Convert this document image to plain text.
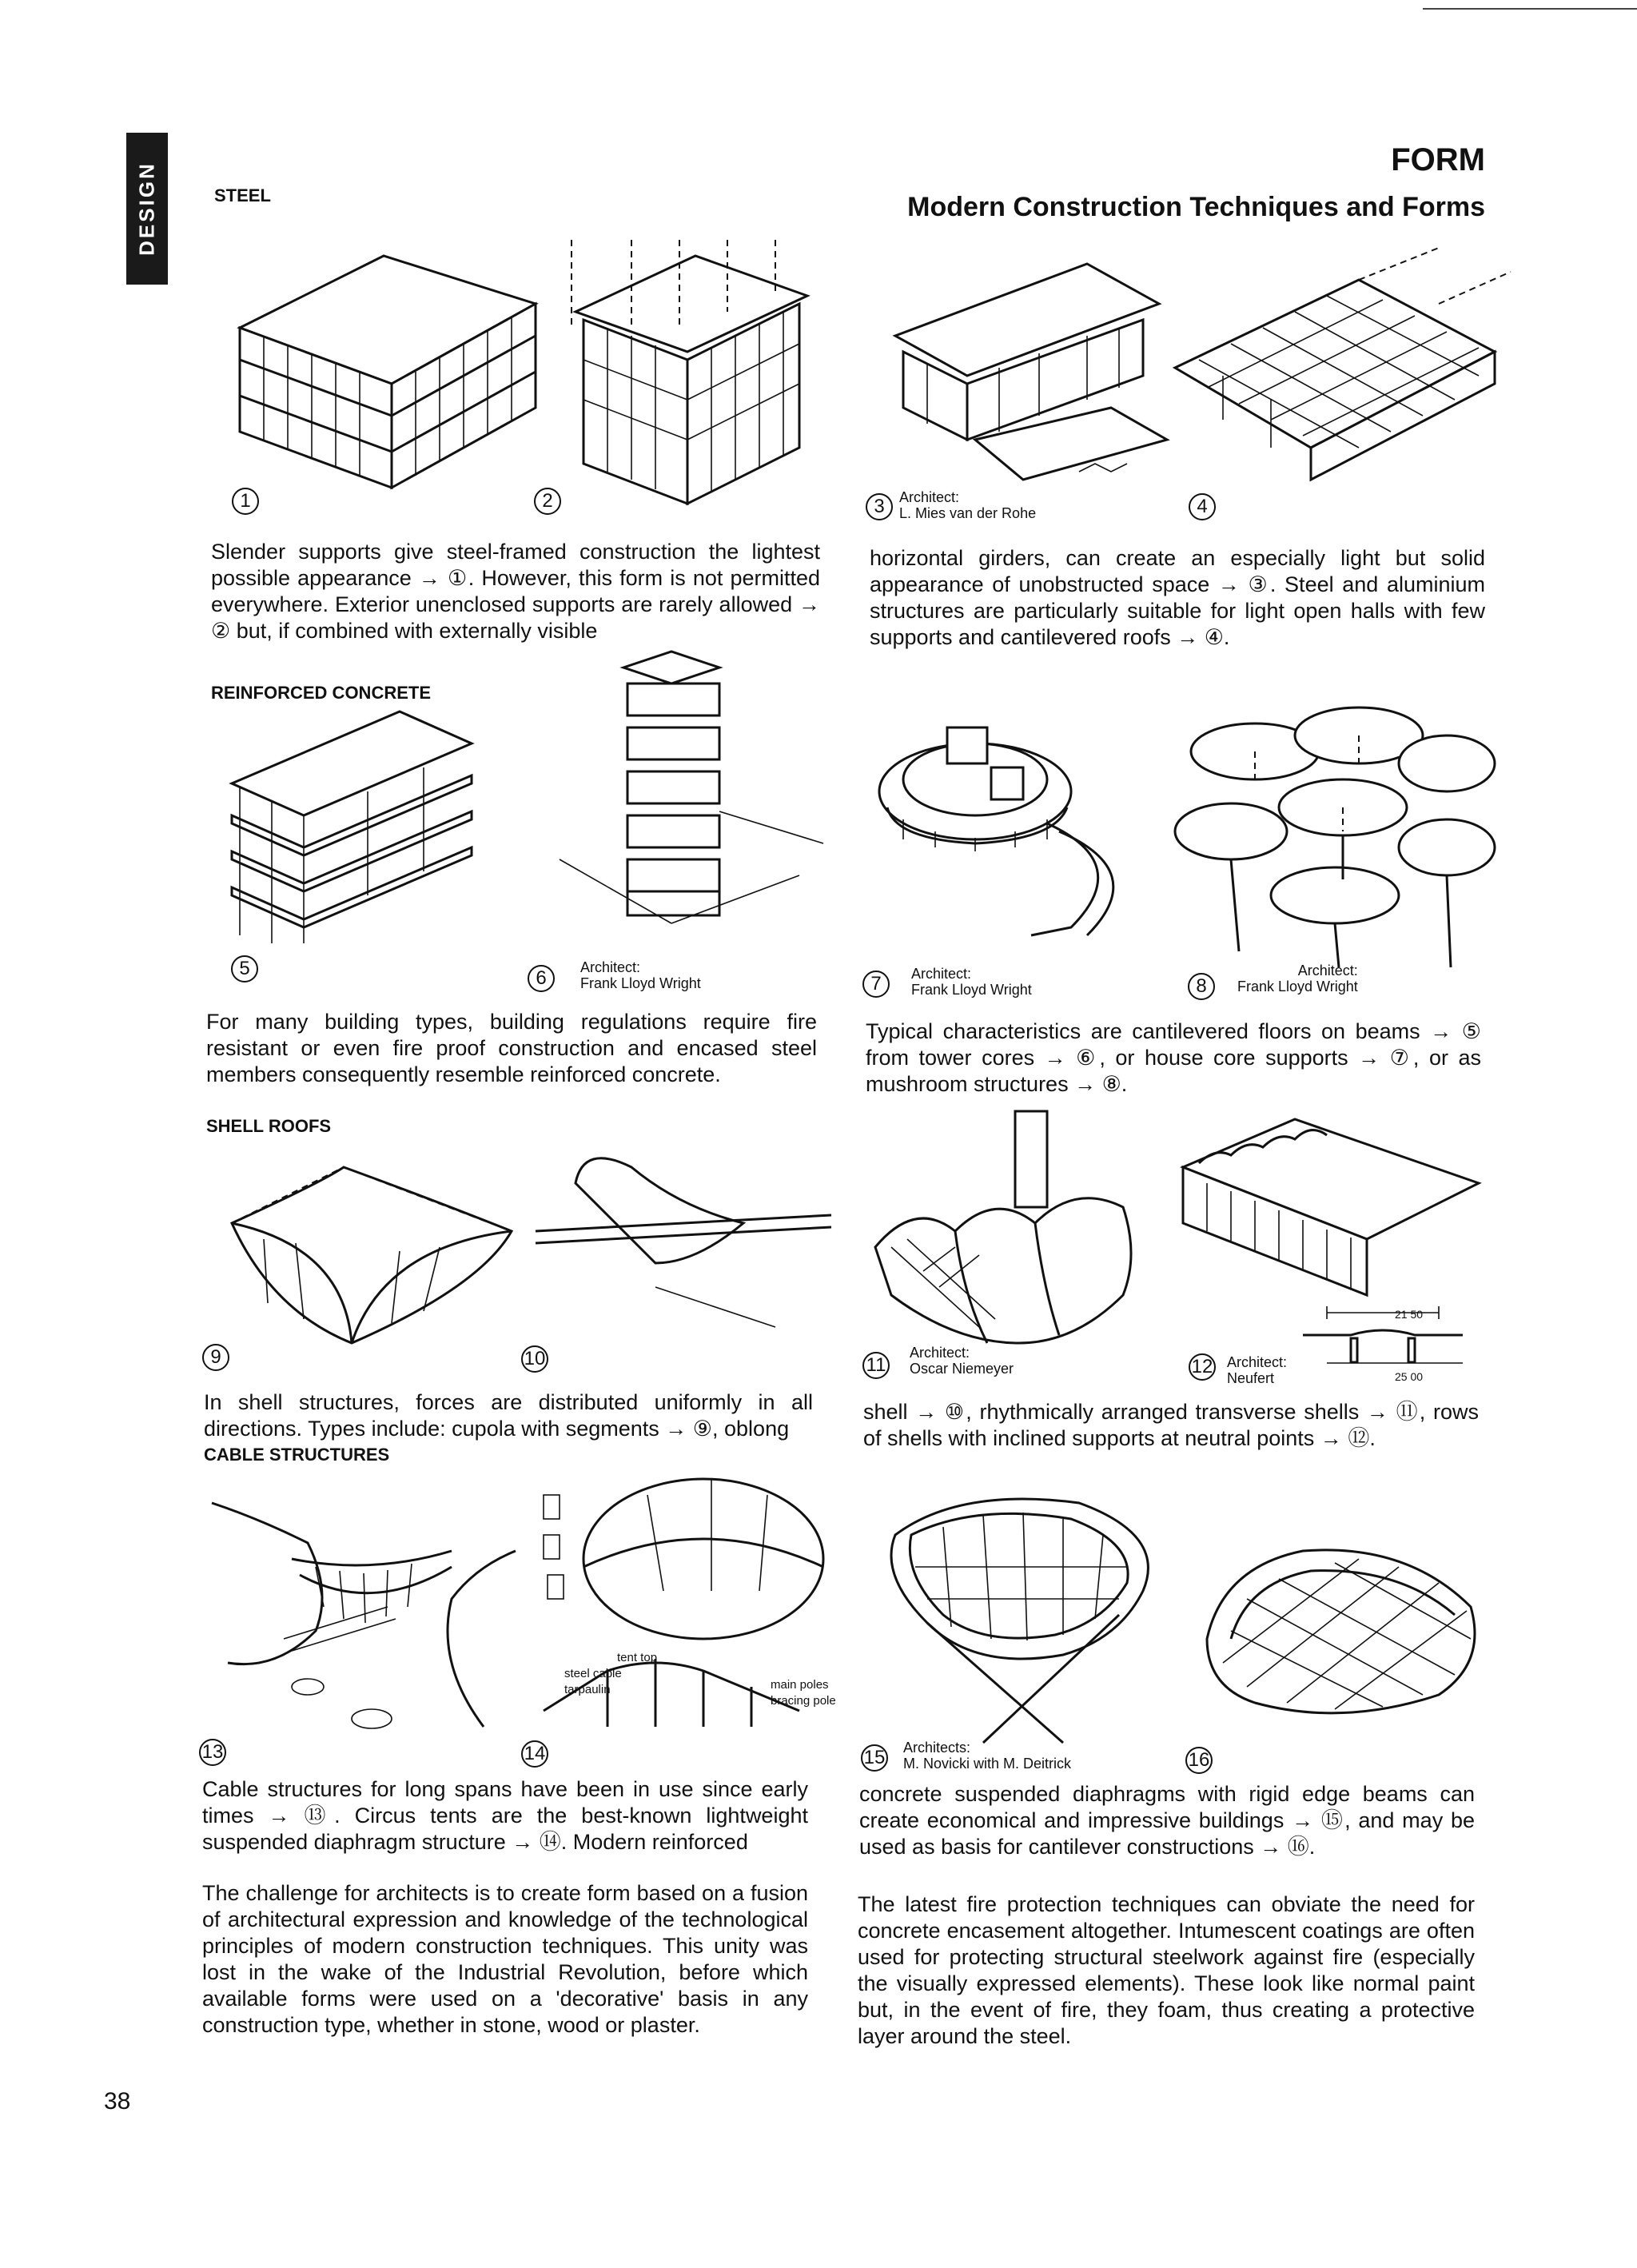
DESIGN	STEEL
FORM
Modern Construction Techniques and Forms
1	2	3	Architect:
L. Mies van der Rohe	4
Slender supports give steel-framed construction the lightest possible appearance → ①. However, this form is not permitted everywhere. Exterior unenclosed supports are rarely allowed → ② but, if combined with externally visible
horizontal girders, can create an especially light but solid appearance of unobstructed space → ③. Steel and aluminium structures are particularly suitable for light open halls with few supports and cantilevered roofs → ④.
REINFORCED CONCRETE
5	6	Architect:
Frank Lloyd Wright	7	Architect:
Frank Lloyd Wright	8
Architect:
Frank Lloyd Wright
For many building types, building regulations require fire resistant or even fire proof construction and encased steel members consequently resemble reinforced concrete.
Typical characteristics are cantilevered floors on beams → ⑤ from tower cores → ⑥, or house core supports → ⑦, or as mushroom structures → ⑧.
SHELL ROOFS
21 50
25 00
9	10	11
Architect:
Oscar Niemeyer	12 Architect:
Neufert
In shell structures, forces are distributed uniformly in all directions. Types include: cupola with segments → ⑨, oblong
shell → ⑩, rhythmically arranged transverse shells → ⑪, rows of shells with inclined supports at neutral points → ⑫.
CABLE STRUCTURES
tent top
steel cable
tarpaulin	main poles
bracing pole
13	14	15 Architects:
M. Novicki with M. Deitrick	16
Cable structures for long spans have been in use since early times → ⑬. Circus tents are the best-known lightweight suspended diaphragm structure → ⑭. Modern reinforced
concrete suspended diaphragms with rigid edge beams can create economical and impressive buildings → ⑮, and may be used as basis for cantilever constructions → ⑯.
The challenge for architects is to create form based on a fusion of architectural expression and knowledge of the technological principles of modern construction techniques. This unity was lost in the wake of the Industrial Revolution, before which available forms were used on a 'decorative' basis in any construction type, whether in stone, wood or plaster.
The latest fire protection techniques can obviate the need for concrete encasement altogether. Intumescent coatings are often used for protecting structural steelwork against fire (especially the visually expressed elements). These look like normal paint but, in the event of fire, they foam, thus creating a protective layer around the steel.
38
